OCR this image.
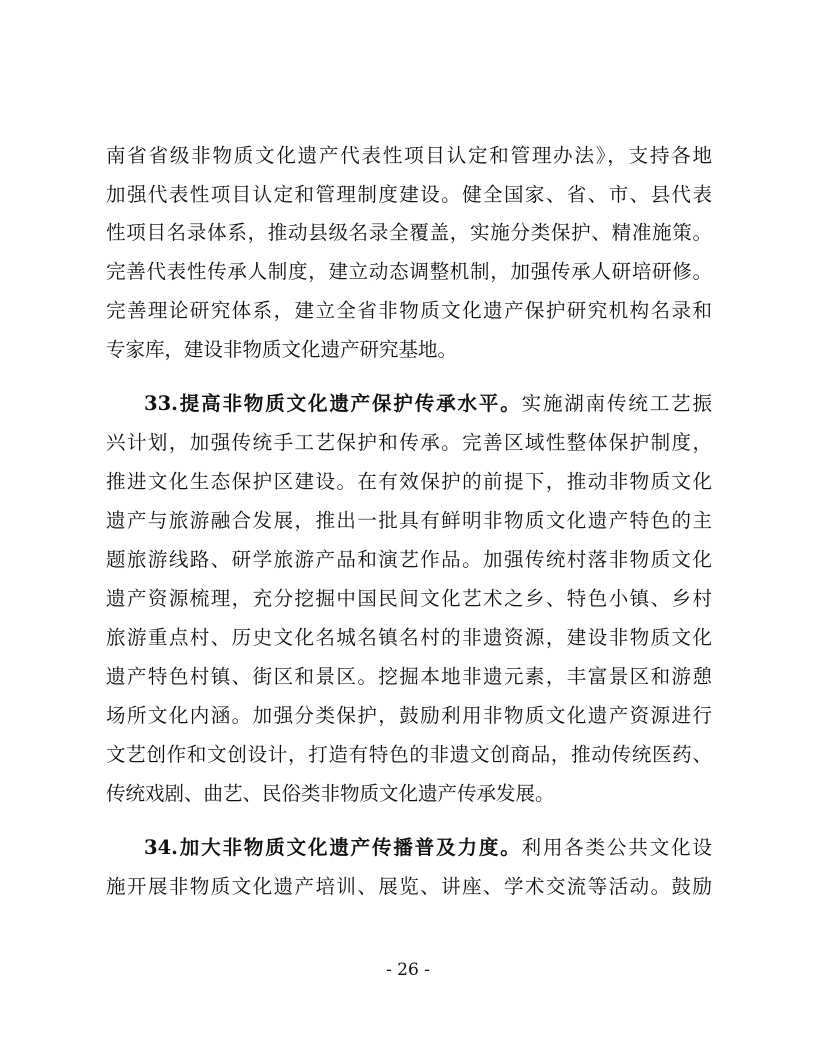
南省省级非物质文化遗产代表性项目认定和管理办法》，支持各地
加强代表性项目认定和管理制度建设。健全国家、省、市、县代表
性项目名录体系，推动县级名录全覆盖，实施分类保护、精准施策。
完善代表性传承人制度，建立动态调整机制，加强传承人研培研修。
完善理论研究体系，建立全省非物质文化遗产保护研究机构名录和
专家库，建设非物质文化遗产研究基地。
33.提高非物质文化遗产保护传承水平。实施湖南传统工艺振
兴计划，加强传统手工艺保护和传承。完善区域性整体保护制度，
推进文化生态保护区建设。在有效保护的前提下，推动非物质文化
遗产与旅游融合发展，推出一批具有鲜明非物质文化遗产特色的主
题旅游线路、研学旅游产品和演艺作品。加强传统村落非物质文化
遗产资源梳理，充分挖掘中国民间文化艺术之乡、特色小镇、乡村
旅游重点村、历史文化名城名镇名村的非遗资源，建设非物质文化
遗产特色村镇、街区和景区。挖掘本地非遗元素，丰富景区和游憩
场所文化内涵。加强分类保护，鼓励利用非物质文化遗产资源进行
文艺创作和文创设计，打造有特色的非遗文创商品，推动传统医药、
传统戏剧、曲艺、民俗类非物质文化遗产传承发展。
34.加大非物质文化遗产传播普及力度。利用各类公共文化设
施开展非物质文化遗产培训、展览、讲座、学术交流等活动。鼓励
- 26 -
